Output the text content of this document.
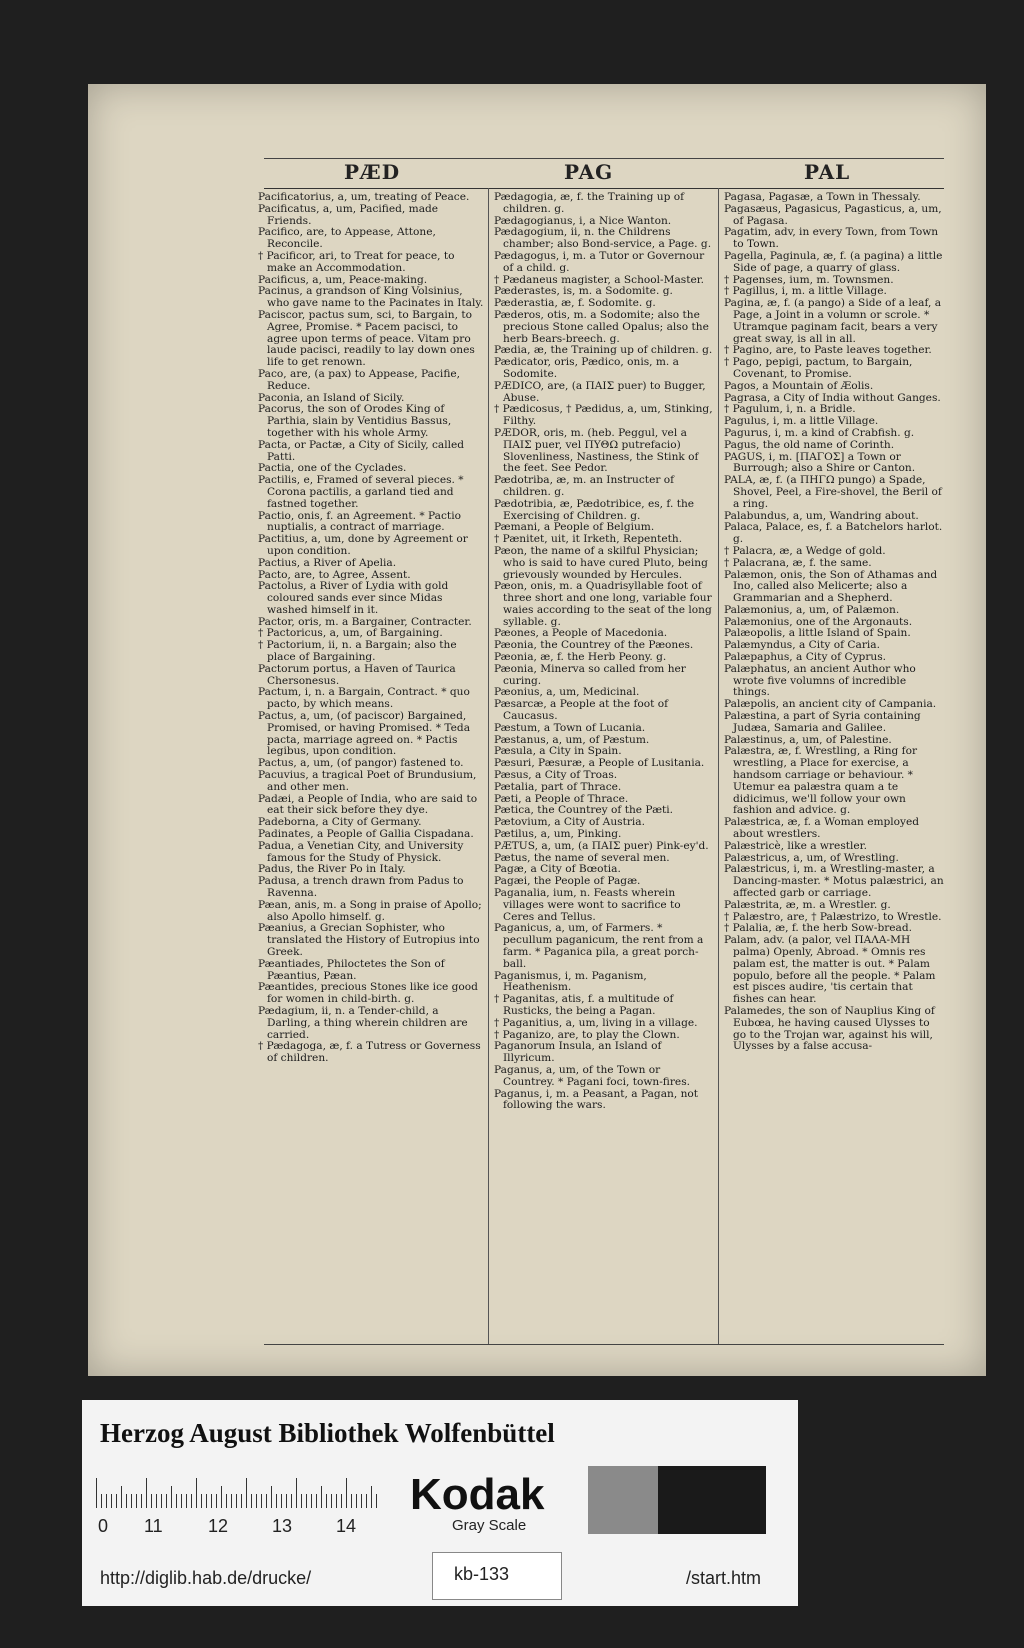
PÆD	PAG	PAL

Pacificatorius, a, um, treating of Peace.

Pacificatus, a, um, Pacified, made Friends.

Pacifico, are, to Appease, Attone, Reconcile.

† Pacificor, ari, to Treat for peace, to make an Accommodation.

Pacificus, a, um, Peace-making.

Pacinus, a grandson of King Volsinius, who gave name to the Pacinates in Italy.

Paciscor, pactus sum, sci, to Bargain, to Agree, Promise. * Pacem pacisci, to agree upon terms of peace. Vitam pro laude pacisci, readily to lay down ones life to get renown.

Paco, are, (a pax) to Appease, Pacifie, Reduce.

Paconia, an Island of Sicily.

Pacorus, the son of Orodes King of Parthia, slain by Ventidius Bassus, together with his whole Army.

Pacta, or Pactæ, a City of Sicily, called Patti.

Pactia, one of the Cyclades.

Pactilis, e, Framed of several pieces. * Corona pactilis, a garland tied and fastned together.

Pactio, onis, f. an Agreement. * Pactio nuptialis, a contract of marriage.

Pactitius, a, um, done by Agreement or upon condition.

Pactius, a River of Apelia.

Pacto, are, to Agree, Assent.

Pactolus, a River of Lydia with gold coloured sands ever since Midas washed himself in it.

Pactor, oris, m. a Bargainer, Contracter.

† Pactoricus, a, um, of Bargaining.

† Pactorium, ii, n. a Bargain; also the place of Bargaining.

Pactorum portus, a Haven of Taurica Chersonesus.

Pactum, i, n. a Bargain, Contract. * quo pacto, by which means.

Pactus, a, um, (of paciscor) Bargained, Promised, or having Promised. * Teda pacta, marriage agreed on. * Pactis legibus, upon condition.

Pactus, a, um, (of pangor) fastened to.

Pacuvius, a tragical Poet of Brundusium, and other men.

Padæi, a People of India, who are said to eat their sick before they dye.

Padeborna, a City of Germany.

Padinates, a People of Gallia Cispadana.

Padua, a Venetian City, and University famous for the Study of Physick.

Padus, the River Po in Italy.

Padusa, a trench drawn from Padus to Ravenna.

Pæan, anis, m. a Song in praise of Apollo; also Apollo himself. g.

Pæanius, a Grecian Sophister, who translated the History of Eutropius into Greek.

Pæantiades, Philoctetes the Son of Pæantius, Pæan.

Pæantides, precious Stones like ice good for women in child-birth. g.

Pædagium, ii, n. a Tender-child, a Darling, a thing wherein children are carried.

† Pædagoga, æ, f. a Tutress or Governess of children.

Pædagogia, æ, f. the Training up of children. g.

Pædagogianus, i, a Nice Wanton.

Pædagogium, ii, n. the Childrens chamber; also Bond-service, a Page. g.

Pædagogus, i, m. a Tutor or Governour of a child. g.

† Pædaneus magister, a School-Master.

Pæderastes, is, m. a Sodomite. g.

Pæderastia, æ, f. Sodomite. g.

Pæderos, otis, m. a Sodomite; also the precious Stone called Opalus; also the herb Bears-breech. g.

Pædia, æ, the Training up of children. g.

Pædicator, oris, Pædico, onis, m. a Sodomite.

PÆDICO, are, (a ΠΑΙΣ puer) to Bugger, Abuse.

† Pædicosus, † Pædidus, a, um, Stinking, Filthy.

PÆDOR, oris, m. (heb. Peggul, vel a ΠΑΙΣ puer, vel ΠΥΘΩ putrefacio) Slovenliness, Nastiness, the Stink of the feet. See Pedor.

Pædotriba, æ, m. an Instructer of children. g.

Pædotribia, æ, Pædotribice, es, f. the Exercising of Children. g.

Pæmani, a People of Belgium.

† Pænitet, uit, it Irketh, Repenteth.

Pæon, the name of a skilful Physician; who is said to have cured Pluto, being grievously wounded by Hercules.

Pæon, onis, m. a Quadrisyllable foot of three short and one long, variable four waies according to the seat of the long syllable. g.

Pæones, a People of Macedonia.

Pæonia, the Countrey of the Pæones.

Pæonia, æ, f. the Herb Peony. g.

Pæonia, Minerva so called from her curing.

Pæonius, a, um, Medicinal.

Pæsarcæ, a People at the foot of Caucasus.

Pæstum, a Town of Lucania.

Pæstanus, a, um, of Pæstum.

Pæsula, a City in Spain.

Pæsuri, Pæsuræ, a People of Lusitania.

Pæsus, a City of Troas.

Pætalia, part of Thrace.

Pæti, a People of Thrace.

Pætica, the Countrey of the Pæti.

Pætovium, a City of Austria.

Pætilus, a, um, Pinking.

PÆTUS, a, um, (a ΠΑΙΣ puer) Pink-ey'd.

Pætus, the name of several men.

Pagæ, a City of Bœotia.

Pagæi, the People of Pagæ.

Paganalia, ium, n. Feasts wherein villages were wont to sacrifice to Ceres and Tellus.

Paganicus, a, um, of Farmers. * pecullum paganicum, the rent from a farm. * Paganica pila, a great porch-ball.

Paganismus, i, m. Paganism, Heathenism.

† Paganitas, atis, f. a multitude of Rusticks, the being a Pagan.

† Paganitius, a, um, living in a village.

† Paganizo, are, to play the Clown.

Paganorum Insula, an Island of Illyricum.

Paganus, a, um, of the Town or Countrey. * Pagani foci, town-fires.

Paganus, i, m. a Peasant, a Pagan, not following the wars.

Pagasa, Pagasæ, a Town in Thessaly.

Pagasæus, Pagasicus, Pagasticus, a, um, of Pagasa.

Pagatim, adv, in every Town, from Town to Town.

Pagella, Paginula, æ, f. (a pagina) a little Side of page, a quarry of glass.

† Pagenses, ium, m. Townsmen.

† Pagillus, i, m. a little Village.

Pagina, æ, f. (a pango) a Side of a leaf, a Page, a Joint in a volumn or scrole. * Utramque paginam facit, bears a very great sway, is all in all.

† Pagino, are, to Paste leaves together.

† Pago, pepigi, pactum, to Bargain, Covenant, to Promise.

Pagos, a Mountain of Æolis.

Pagrasa, a City of India without Ganges.

† Pagulum, i, n. a Bridle.

Pagulus, i, m. a little Village.

Pagurus, i, m. a kind of Crabfish. g.

Pagus, the old name of Corinth.

PAGUS, i, m. [ΠΑΓΟΣ] a Town or Burrough; also a Shire or Canton.

PALA, æ, f. (a ΠΗΓΩ pungo) a Spade, Shovel, Peel, a Fire-shovel, the Beril of a ring.

Palabundus, a, um, Wandring about.

Palaca, Palace, es, f. a Batchelors harlot. g.

† Palacra, æ, a Wedge of gold.

† Palacrana, æ, f. the same.

Palæmon, onis, the Son of Athamas and Ino, called also Melicerte; also a Grammarian and a Shepherd.

Palæmonius, a, um, of Palæmon.

Palæmonius, one of the Argonauts.

Palæopolis, a little Island of Spain.

Palæmyndus, a City of Caria.

Palæpaphus, a City of Cyprus.

Palæphatus, an ancient Author who wrote five volumns of incredible things.

Palæpolis, an ancient city of Campania.

Palæstina, a part of Syria containing Judæa, Samaria and Galilee.

Palæstinus, a, um, of Palestine.

Palæstra, æ, f. Wrestling, a Ring for wrestling, a Place for exercise, a handsom carriage or behaviour. * Utemur ea palæstra quam a te didicimus, we'll follow your own fashion and advice. g.

Palæstrica, æ, f. a Woman employed about wrestlers.

Palæstricè, like a wrestler.

Palæstricus, a, um, of Wrestling.

Palæstricus, i, m. a Wrestling-master, a Dancing-master. * Motus palæstrici, an affected garb or carriage.

Palæstrita, æ, m. a Wrestler. g.

† Palæstro, are, † Palæstrizo, to Wrestle.

† Palalia, æ, f. the herb Sow-bread.

Palam, adv. (a palor, vel ΠΑΛΑ-ΜΗ palma) Openly, Abroad. * Omnis res palam est, the matter is out. * Palam populo, before all the people. * Palam est pisces audire, 'tis certain that fishes can hear.

Palamedes, the son of Nauplius King of Eubœa, he having caused Ulysses to go to the Trojan war, against his will, Ulysses by a false accusa-

Herzog August Bibliothek Wolfenbüttel
0 11	12 13 14
Kodak
Gray Scale
http://diglib.hab.de/drucke/	kb-133	/start.htm
